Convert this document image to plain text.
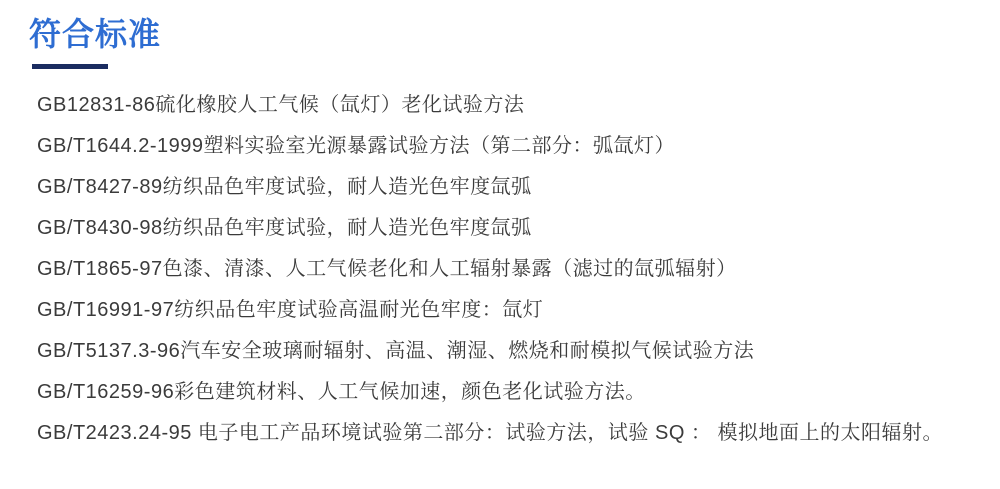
符合标准
GB12831-86硫化橡胶人工气候（氙灯）老化试验方法
GB/T1644.2-1999塑料实验室光源暴露试验方法（第二部分：弧氙灯）
GB/T8427-89纺织品色牢度试验，耐人造光色牢度氙弧
GB/T8430-98纺织品色牢度试验，耐人造光色牢度氙弧
GB/T1865-97色漆、清漆、人工气候老化和人工辐射暴露（滤过的氙弧辐射）
GB/T16991-97纺织品色牢度试验高温耐光色牢度：氙灯
GB/T5137.3-96汽车安全玻璃耐辐射、高温、潮湿、燃烧和耐模拟气候试验方法
GB/T16259-96彩色建筑材料、人工气候加速，颜色老化试验方法。
GB/T2423.24-95 电子电工产品环境试验第二部分：试验方法，试验 SQ ： 模拟地面上的太阳辐射。
